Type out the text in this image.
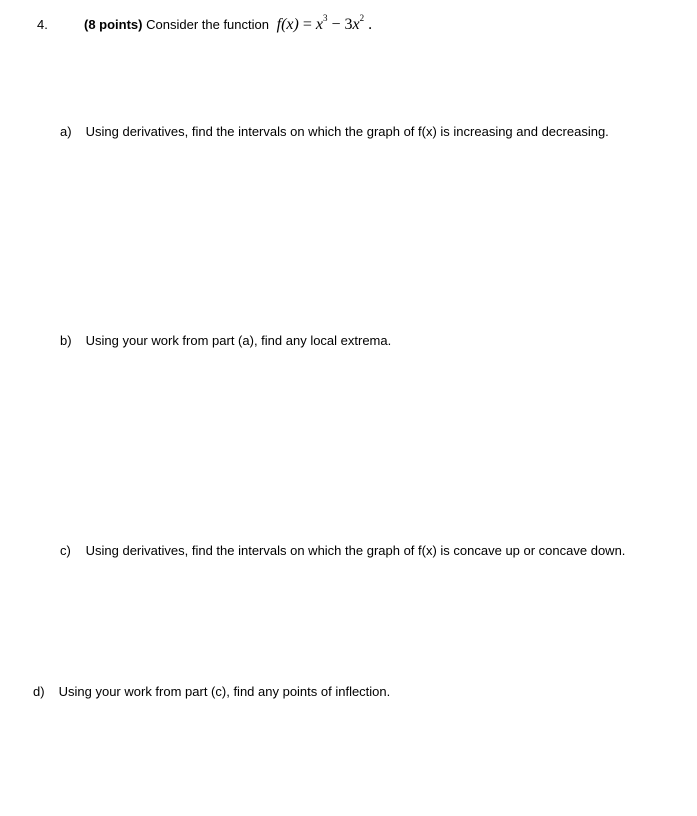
4.	(8 points) Consider the function $f(x) = x^3 - 3x^2$ .
a) Using derivatives, find the intervals on which the graph of f(x) is increasing and decreasing.
b) Using your work from part (a), find any local extrema.
c) Using derivatives, find the intervals on which the graph of f(x) is concave up or concave down.
d) Using your work from part (c), find any points of inflection.
